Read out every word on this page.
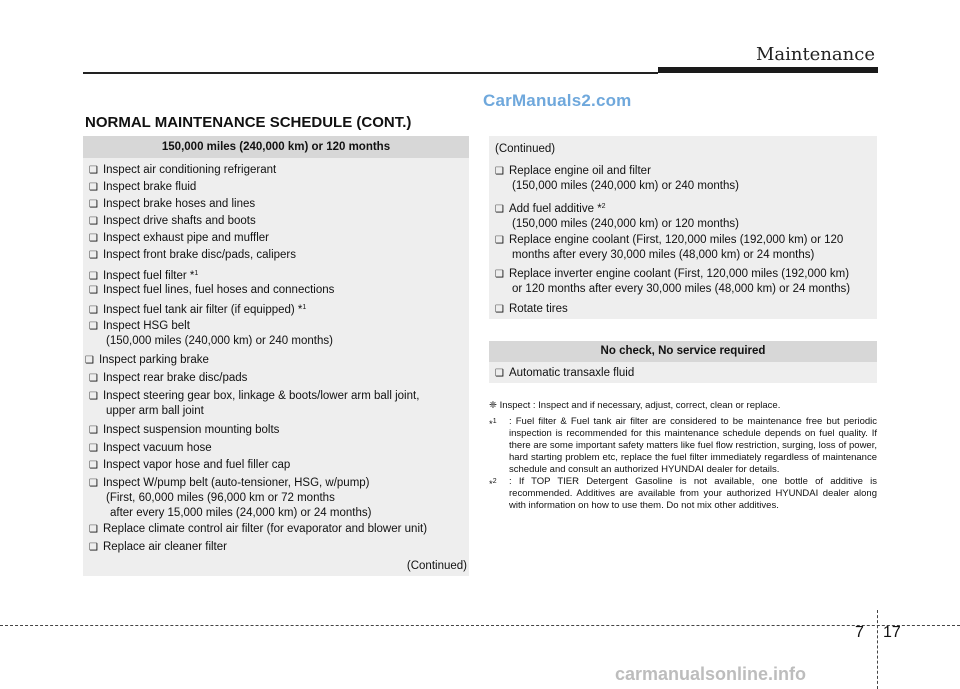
Maintenance
CarManuals2.com
NORMAL MAINTENANCE SCHEDULE (CONT.)
150,000 miles (240,000 km) or 120 months
❑ Inspect air conditioning refrigerant
❑ Inspect brake fluid
❑ Inspect brake hoses and lines
❑ Inspect drive shafts and boots
❑ Inspect exhaust pipe and muffler
❑ Inspect front brake disc/pads, calipers
❑ Inspect fuel filter *$^1$
❑ Inspect fuel lines, fuel hoses and connections
❑ Inspect fuel tank air filter (if equipped) *$^1$
❑ Inspect HSG belt
(150,000 miles (240,000 km) or 240 months)
❑ Inspect parking brake
❑ Inspect rear brake disc/pads
❑ Inspect steering gear box, linkage & boots/lower arm ball joint,
upper arm ball joint
❑ Inspect suspension mounting bolts
❑ Inspect vacuum hose
❑ Inspect vapor hose and fuel filler cap
❑ Inspect W/pump belt (auto-tensioner, HSG, w/pump)
(First, 60,000 miles (96,000 km or 72 months
after every 15,000 miles (24,000 km) or 24 months)
❑ Replace climate control air filter (for evaporator and blower unit)
❑ Replace air cleaner filter
(Continued)
(Continued)
❑ Replace engine oil and filter
(150,000 miles (240,000 km) or 240 months)
❑ Add fuel additive *$^2$
(150,000 miles (240,000 km) or 120 months)
❑ Replace engine coolant (First, 120,000 miles (192,000 km) or 120
months after every 30,000 miles (48,000 km) or 24 months)
❑ Replace inverter engine coolant (First, 120,000 miles (192,000 km)
or 120 months after every 30,000 miles (48,000 km) or 24 months)
❑ Rotate tires
No check, No service required
❑ Automatic transaxle fluid
❈ Inspect : Inspect and if necessary, adjust, correct, clean or replace.
*$^1$	: Fuel filter & Fuel tank air filter are considered to be maintenance free but periodic inspection is recommended for this maintenance schedule depends on fuel quality. If there are some important safety matters like fuel flow restriction, surging, loss of power, hard starting problem etc, replace the fuel filter immediately regardless of maintenance schedule and consult an authorized HYUNDAI dealer for details.
*$^2$	: If TOP TIER Detergent Gasoline is not available, one bottle of additive is recommended. Additives are available from your authorized HYUNDAI dealer along with information on how to use them. Do not mix other additives.
7 17
carmanualsonline.info
